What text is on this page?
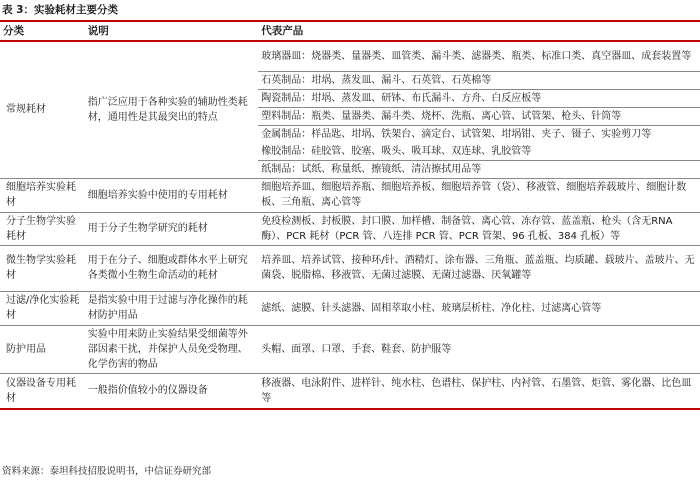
表 3：实验耗材主要分类
分类	说明	代表产品
常规耗材	指广泛应用于各种实验的辅助性类耗材，通用性是其最突出的特点	玻璃器皿：烧器类、量器类、皿管类、漏斗类、滤器类、瓶类、标准口类、真空器皿、成套装置等
		石英制品：坩埚、蒸发皿、漏斗、石英管、石英棉等
		陶瓷制品：坩埚、蒸发皿、研钵、布氏漏斗、方舟、白反应板等
		塑料制品：瓶类、量器类、漏斗类、烧杯、洗瓶、离心管、试管架、枪头、针筒等
		金属制品：样品匙、坩埚、铁架台、滴定台、试管架、坩埚钳、夹子、镊子、实验剪刀等
		橡胶制品：硅胶管、胶塞、吸头、吸耳球、双连球、乳胶管等
		纸制品：试纸、称量纸、擦镜纸、清洁擦拭用品等
细胞培养实验耗材	细胞培养实验中使用的专用耗材	细胞培养皿、细胞培养瓶、细胞培养板、细胞培养管（袋）、移液管、细胞培养载玻片、细胞计数板、三角瓶、离心管等
分子生物学实验耗材	用于分子生物学研究的耗材	免疫检测板、封板膜、封口膜、加样槽、制备管、离心管、冻存管、蓝盖瓶、枪头（含无RNA 酶）、PCR 耗材（PCR 管、八连排 PCR 管、PCR 管架、96 孔板、384 孔板）等
微生物学实验耗材	用于在分子、细胞或群体水平上研究各类微小生物生命活动的耗材	培养皿、培养试管、接种环/针、酒精灯、涂布器、三角瓶、蓝盖瓶、均质罐、载玻片、盖玻片、无菌袋、脱脂棉、移液管、无菌过滤膜、无菌过滤器、厌氧罐等
过滤/净化实验耗材	是指实验中用于过滤与净化操作的耗材防护用品	滤纸、滤膜、针头滤器、固相萃取小柱、玻璃层析柱、净化柱、过滤离心管等
防护用品	实验中用来防止实验结果受细菌等外部因素干扰，并保护人员免受物理、化学伤害的物品	头帽、面罩、口罩、手套、鞋套、防护服等
仪器设备专用耗材	一般指价值较小的仪器设备	移液器、电泳附件、进样针、纯水柱、色谱柱、保护柱、内衬管、石墨管、炬管、雾化器、比色皿等
资料来源：泰坦科技招股说明书，中信证券研究部
